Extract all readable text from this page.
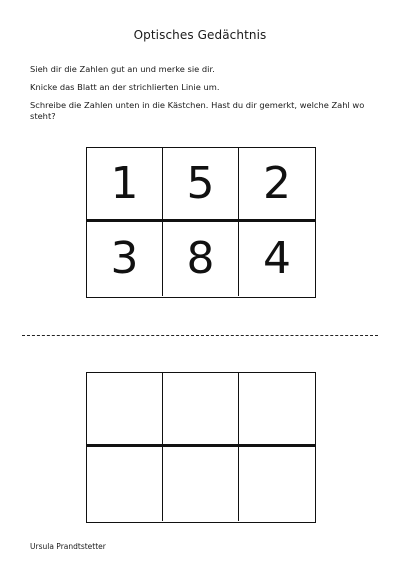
Optisches Gedächtnis

Sieh dir die Zahlen gut an und merke sie dir.

Knicke das Blatt an der strichlierten Linie um.

Schreibe die Zahlen unten in die Kästchen. Hast du dir gemerkt, welche Zahl wo steht?

1	5	2
3	8	4
Ursula Prandtstetter
